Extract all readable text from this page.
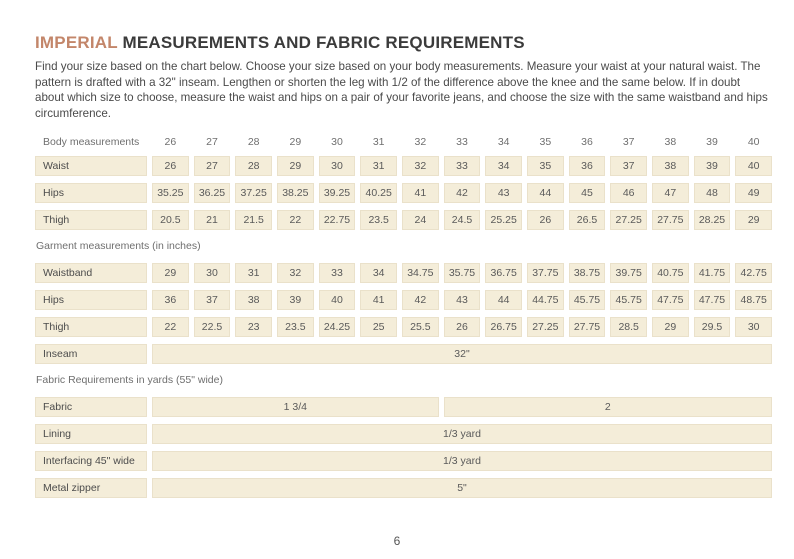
IMPERIAL MEASUREMENTS AND FABRIC REQUIREMENTS
Find your size based on the chart below. Choose your size based on your body measurements. Measure your waist at your natural waist. The pattern is drafted with a 32" inseam. Lengthen or shorten the leg with 1/2 of the difference above the knee and the same below. If in doubt about which size to choose, measure the waist and hips on a pair of your favorite jeans, and choose the size with the same waistband and hips circumference.
Body measurements	26	27	28	29	30	31	32	33	34	35	36	37	38	39	40
Waist	26	27	28	29	30	31	32	33	34	35	36	37	38	39	40
Hips	35.25	36.25	37.25	38.25	39.25	40.25	41	42	43	44	45	46	47	48	49
Thigh	20.5	21	21.5	22	22.75	23.5	24	24.5	25.25	26	26.5	27.25	27.75	28.25	29
Garment measurements (in inches)
Waistband	29	30	31	32	33	34	34.75	35.75	36.75	37.75	38.75	39.75	40.75	41.75	42.75
Hips	36	37	38	39	40	41	42	43	44	44.75	45.75	45.75	47.75	47.75	48.75
Thigh	22	22.5	23	23.5	24.25	25	25.5	26	26.75	27.25	27.75	28.5	29	29.5	30
Inseam	32"
Fabric Requirements in yards (55" wide)
Fabric	1 3/4	2
Lining	1/3 yard
Interfacing 45" wide	1/3 yard
Metal zipper	5"
6
